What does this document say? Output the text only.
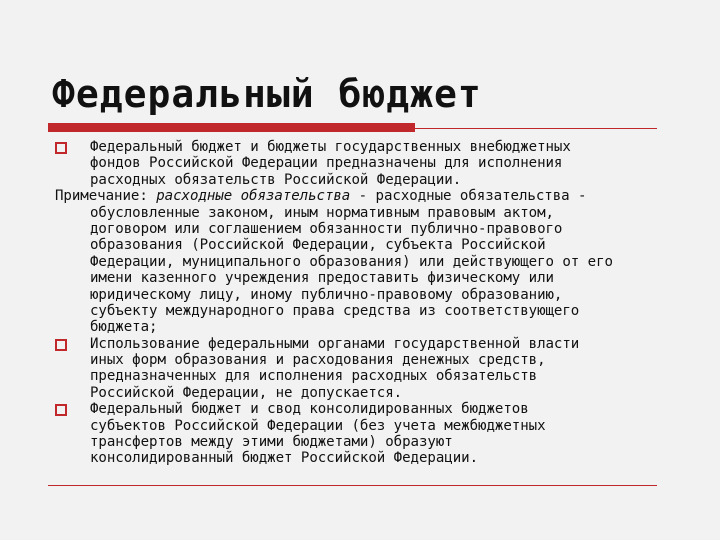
Федеральный бюджет
Федеральный бюджет и бюджеты государственных внебюджетных
фондов Российской Федерации предназначены для исполнения
расходных обязательств Российской Федерации.
Примечание: расходные обязательства - расходные обязательства -
обусловленные законом, иным нормативным правовым актом,
договором или соглашением обязанности публично-правового
образования (Российской Федерации, субъекта Российской
Федерации, муниципального образования) или действующего от его
имени казенного учреждения предоставить физическому или
юридическому лицу, иному публично-правовому образованию,
субъекту международного права средства из соответствующего
бюджета;
Использование федеральными органами государственной власти
иных форм образования и расходования денежных средств,
предназначенных для исполнения расходных обязательств
Российской Федерации, не допускается.
Федеральный бюджет и свод консолидированных бюджетов
субъектов Российской Федерации (без учета межбюджетных
трансфертов между этими бюджетами) образуют
консолидированный бюджет Российской Федерации.
